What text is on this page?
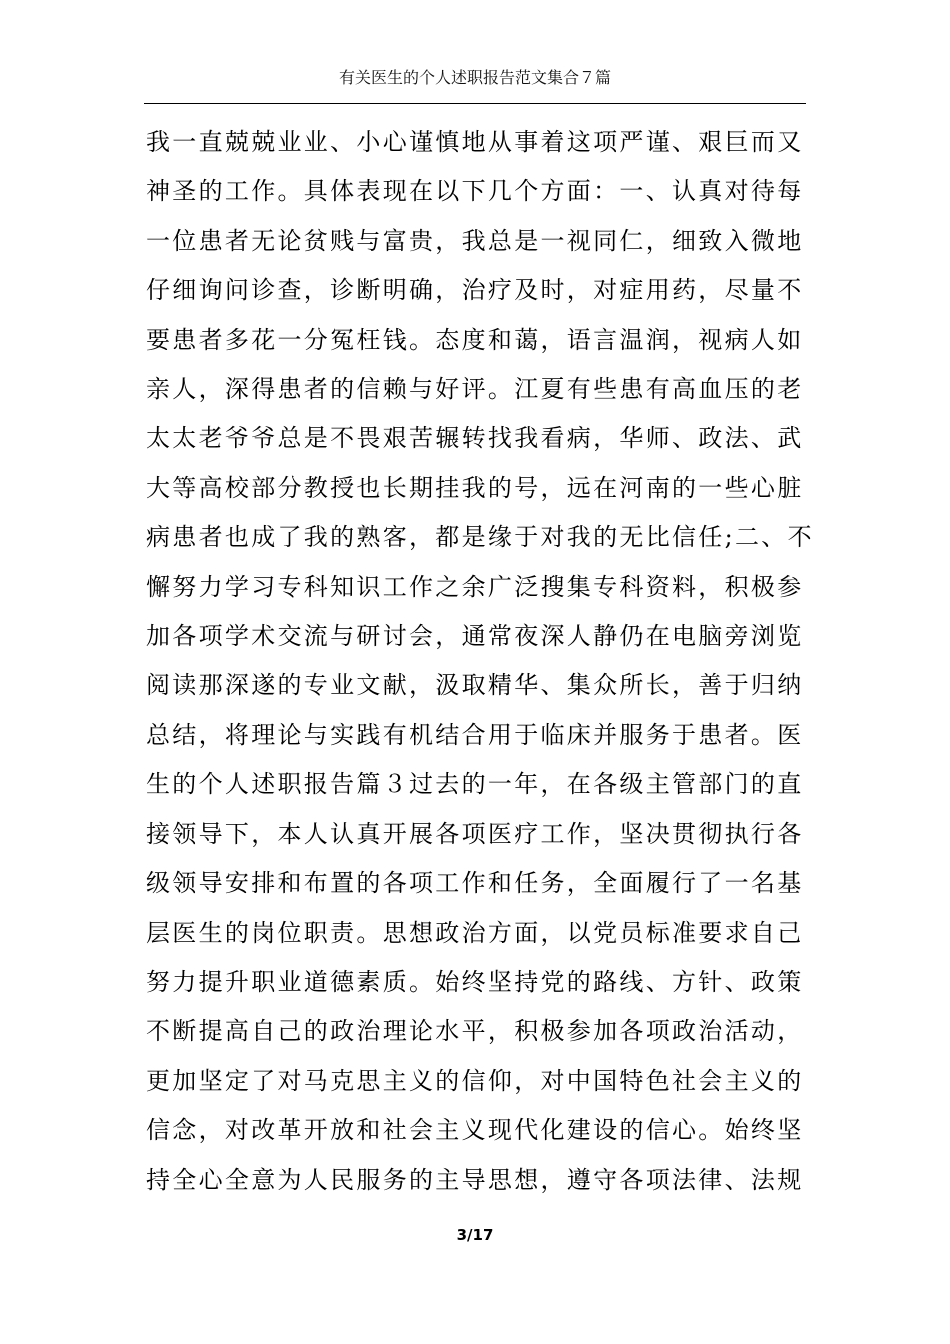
有关医生的个人述职报告范文集合７篇
我一直兢兢业业、小心谨慎地从事着这项严谨、艰巨而又
神圣的工作。具体表现在以下几个方面：一、认真对待每
一位患者无论贫贱与富贵，我总是一视同仁，细致入微地
仔细询问诊查，诊断明确，治疗及时，对症用药，尽量不
要患者多花一分冤枉钱。态度和蔼，语言温润，视病人如
亲人，深得患者的信赖与好评。江夏有些患有高血压的老
太太老爷爷总是不畏艰苦辗转找我看病，华师、政法、武
大等高校部分教授也长期挂我的号，远在河南的一些心脏
病患者也成了我的熟客，都是缘于对我的无比信任;二、不
懈努力学习专科知识工作之余广泛搜集专科资料，积极参
加各项学术交流与研讨会，通常夜深人静仍在电脑旁浏览
阅读那深遂的专业文献，汲取精华、集众所长，善于归纳
总结，将理论与实践有机结合用于临床并服务于患者。医
生的个人述职报告篇３过去的一年，在各级主管部门的直
接领导下，本人认真开展各项医疗工作，坚决贯彻执行各
级领导安排和布置的各项工作和任务，全面履行了一名基
层医生的岗位职责。思想政治方面，以党员标准要求自己
努力提升职业道德素质。始终坚持党的路线、方针、政策
不断提高自己的政治理论水平，积极参加各项政治活动，
更加坚定了对马克思主义的信仰，对中国特色社会主义的
信念，对改革开放和社会主义现代化建设的信心。始终坚
持全心全意为人民服务的主导思想，遵守各项法律、法规
3/17
